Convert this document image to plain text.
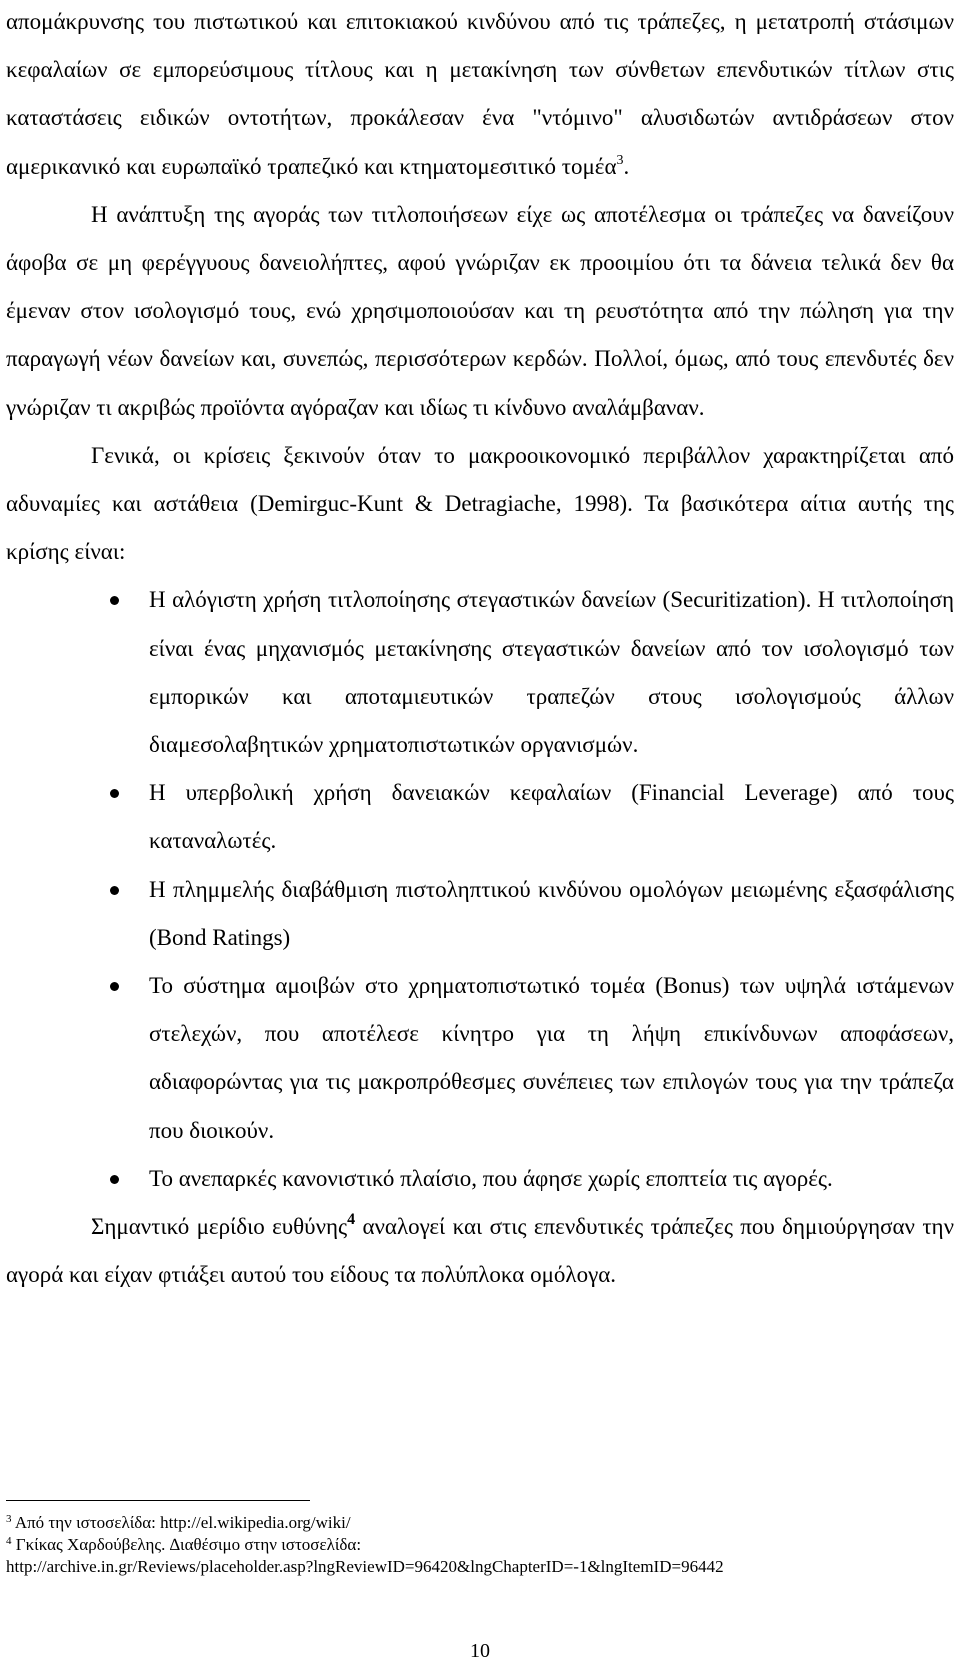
απομάκρυνσης του πιστωτικού και επιτοκιακού κινδύνου από τις τράπεζες, η μετατροπή στάσιμων κεφαλαίων σε εμπορεύσιμους τίτλους και η μετακίνηση των σύνθετων επενδυτικών τίτλων στις καταστάσεις ειδικών οντοτήτων, προκάλεσαν ένα "ντόμινο" αλυσιδωτών αντιδράσεων στον αμερικανικό και ευρωπαϊκό τραπεζικό και κτηματομεσιτικό τομέα$^3$.

Η ανάπτυξη της αγοράς των τιτλοποιήσεων είχε ως αποτέλεσμα οι τράπεζες να δανείζουν άφοβα σε μη φερέγγυους δανειολήπτες, αφού γνώριζαν εκ προοιμίου ότι τα δάνεια τελικά δεν θα έμεναν στον ισολογισμό τους, ενώ χρησιμοποιούσαν και τη ρευστότητα από την πώληση για την παραγωγή νέων δανείων και, συνεπώς, περισσότερων κερδών. Πολλοί, όμως, από τους επενδυτές δεν γνώριζαν τι ακριβώς προϊόντα αγόραζαν και ιδίως τι κίνδυνο αναλάμβαναν.

Γενικά, οι κρίσεις ξεκινούν όταν το μακροοικονομικό περιβάλλον χαρακτηρίζεται από αδυναμίες και αστάθεια (Demirguc-Kunt & Detragiache, 1998). Τα βασικότερα αίτια αυτής της κρίσης είναι:

Η αλόγιστη χρήση τιτλοποίησης στεγαστικών δανείων (Securitization). Η τιτλοποίηση είναι ένας μηχανισμός μετακίνησης στεγαστικών δανείων από τον ισολογισμό των εμπορικών και αποταμιευτικών τραπεζών στους ισολογισμούς άλλων διαμεσολαβητικών χρηματοπιστωτικών οργανισμών.
Η υπερβολική χρήση δανειακών κεφαλαίων (Financial Leverage) από τους καταναλωτές.
Η πλημμελής διαβάθμιση πιστοληπτικού κινδύνου ομολόγων μειωμένης εξασφάλισης (Bond Ratings)
Το σύστημα αμοιβών στο χρηματοπιστωτικό τομέα (Bonus) των υψηλά ιστάμενων στελεχών, που αποτέλεσε κίνητρο για τη λήψη επικίνδυνων αποφάσεων, αδιαφορώντας για τις μακροπρόθεσμες συνέπειες των επιλογών τους για την τράπεζα που διοικούν.
Το ανεπαρκές κανονιστικό πλαίσιο, που άφησε χωρίς εποπτεία τις αγορές.

Σημαντικό μερίδιο ευθύνης$^4$ αναλογεί και στις επενδυτικές τράπεζες που δημιούργησαν την αγορά και είχαν φτιάξει αυτού του είδους τα πολύπλοκα ομόλογα.

$^3$ Από την ιστοσελίδα: http://el.wikipedia.org/wiki/

$^4$ Γκίκας Χαρδούβελης. ∆ιαθέσιμο στην ιστοσελίδα:

http://archive.in.gr/Reviews/placeholder.asp?lngReviewID=96420&lngChapterID=-1&lngItemID=96442

10
